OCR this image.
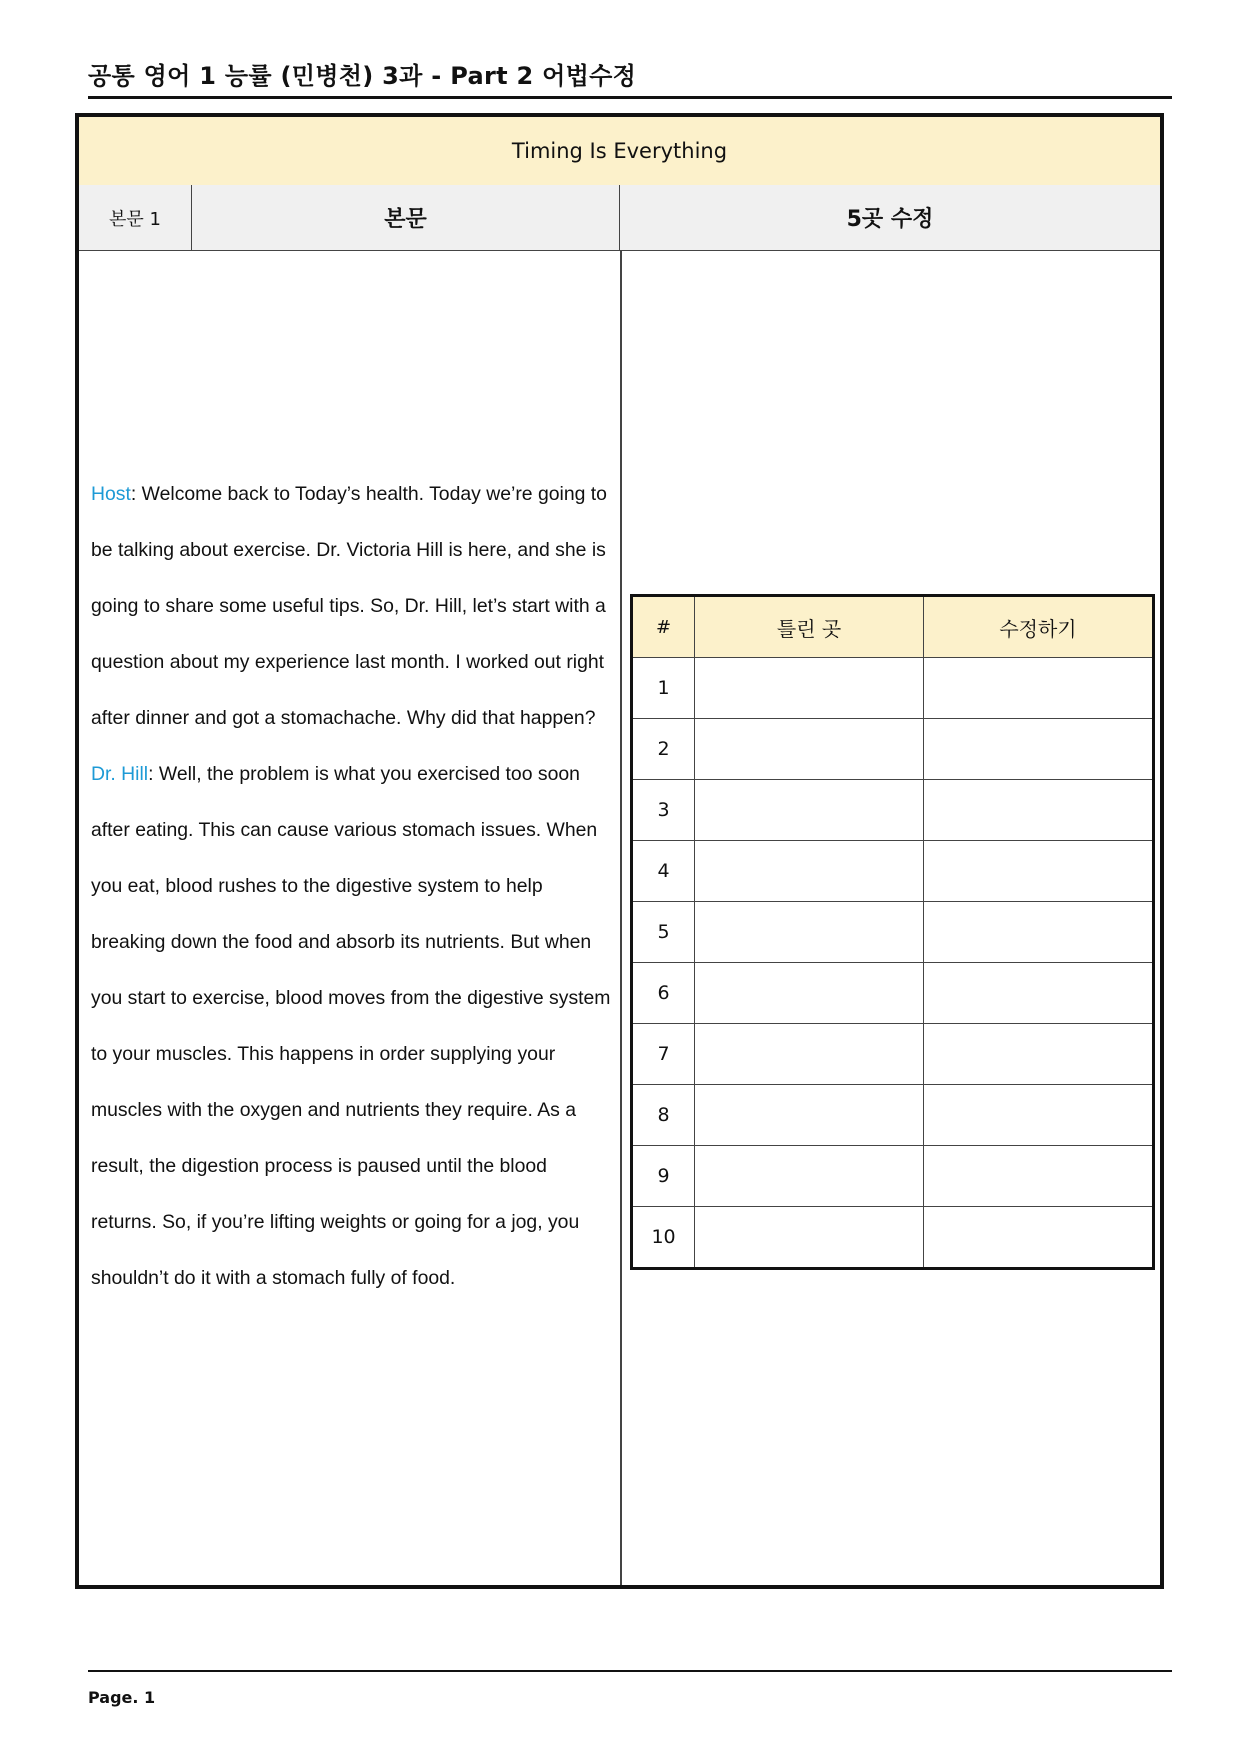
공통 영어 1 능률 (민병천) 3과 - Part 2 어법수정
Timing Is Everything
본문 1	본문	5곳 수정
Host: Welcome back to Today’s health. Today we’re going to be talking about exercise. Dr. Victoria Hill is here, and she is going to share some useful tips. So, Dr. Hill, let’s start with a question about my experience last month. I worked out right after dinner and got a stomachache. Why did that happen?
Dr. Hill: Well, the problem is what you exercised too soon after eating. This can cause various stomach issues. When you eat, blood rushes to the digestive system to help breaking down the food and absorb its nutrients. But when you start to exercise, blood moves from the digestive system to your muscles. This happens in order supplying your muscles with the oxygen and nutrients they require. As a result, the digestion process is paused until the blood returns. So, if you’re lifting weights or going for a jog, you shouldn’t do it with a stomach fully of food.
#	틀린 곳	수정하기
1		
2		
3		
4		
5		
6		
7		
8		
9		
10		
Page. 1
